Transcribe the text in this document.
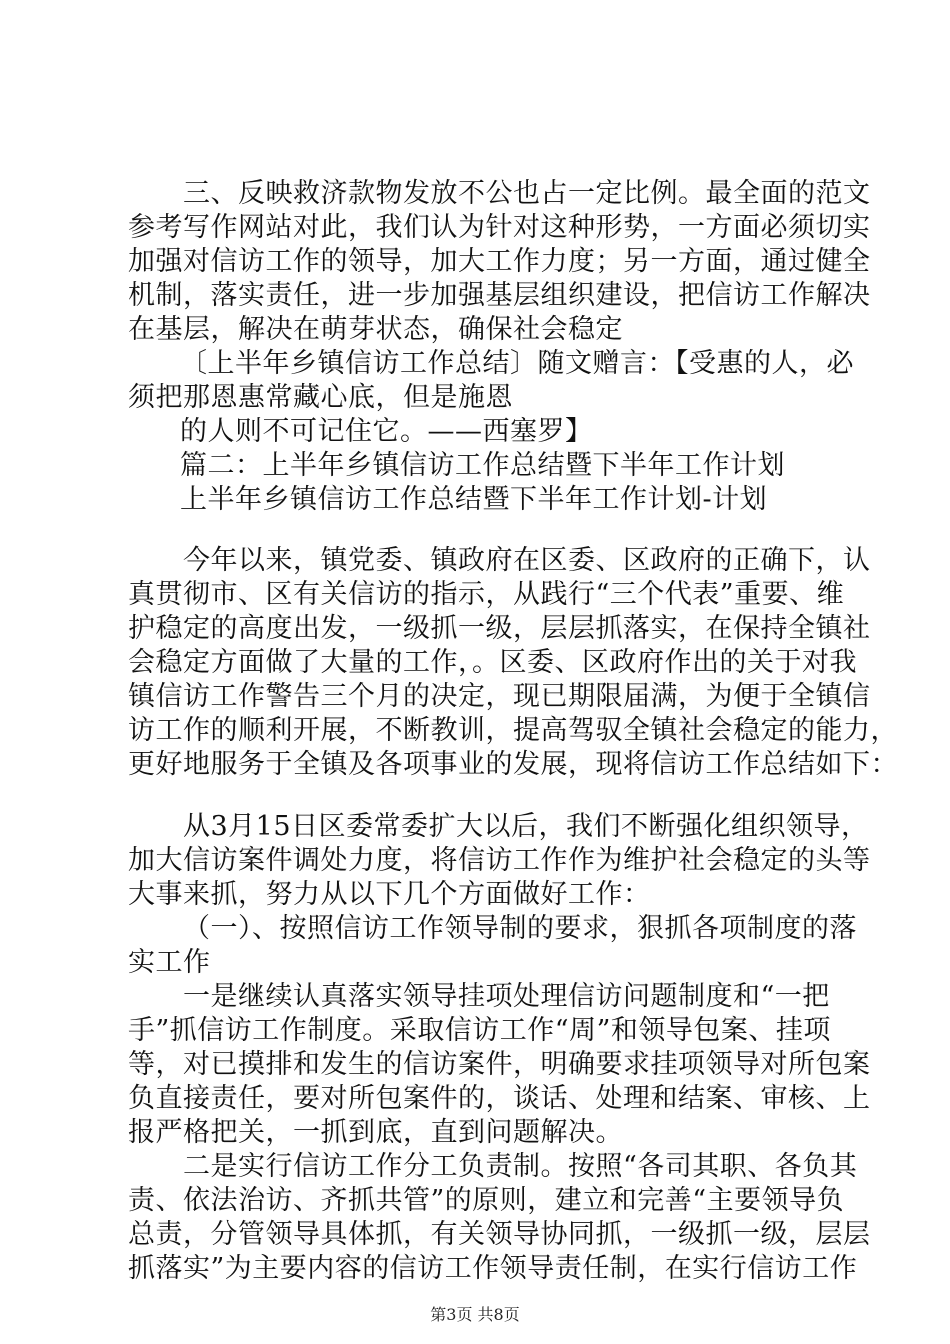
三、反映救济款物发放不公也占一定比例。最全面的范文
参考写作网站对此，我们认为针对这种形势，一方面必须切实
加强对信访工作的领导，加大工作力度；另一方面，通过健全
机制，落实责任，进一步加强基层组织建设，把信访工作解决
在基层，解决在萌芽状态，确保社会稳定
〔上半年乡镇信访工作总结〕随文赠言：【受惠的人，必
须把那恩惠常藏心底，但是施恩
的人则不可记住它。——西塞罗】
篇二：上半年乡镇信访工作总结暨下半年工作计划
上半年乡镇信访工作总结暨下半年工作计划-计划
今年以来，镇党委、镇政府在区委、区政府的正确下，认
真贯彻市、区有关信访的指示，从践行“三个代表”重要、维
护稳定的高度出发，一级抓一级，层层抓落实，在保持全镇社
会稳定方面做了大量的工作，。区委、区政府作出的关于对我
镇信访工作警告三个月的决定，现已期限届满，为便于全镇信
访工作的顺利开展，不断教训，提高驾驭全镇社会稳定的能力，
更好地服务于全镇及各项事业的发展，现将信访工作总结如下：
从3月15日区委常委扩大以后，我们不断强化组织领导，
加大信访案件调处力度，将信访工作作为维护社会稳定的头等
大事来抓，努力从以下几个方面做好工作：
（一）、按照信访工作领导制的要求，狠抓各项制度的落
实工作
一是继续认真落实领导挂项处理信访问题制度和“一把
手”抓信访工作制度。采取信访工作“周”和领导包案、挂项
等，对已摸排和发生的信访案件，明确要求挂项领导对所包案
负直接责任，要对所包案件的，谈话、处理和结案、审核、上
报严格把关，一抓到底，直到问题解决。
二是实行信访工作分工负责制。按照“各司其职、各负其
责、依法治访、齐抓共管”的原则，建立和完善“主要领导负
总责，分管领导具体抓，有关领导协同抓，一级抓一级，层层
抓落实”为主要内容的信访工作领导责任制，在实行信访工作
第3页 共8页
